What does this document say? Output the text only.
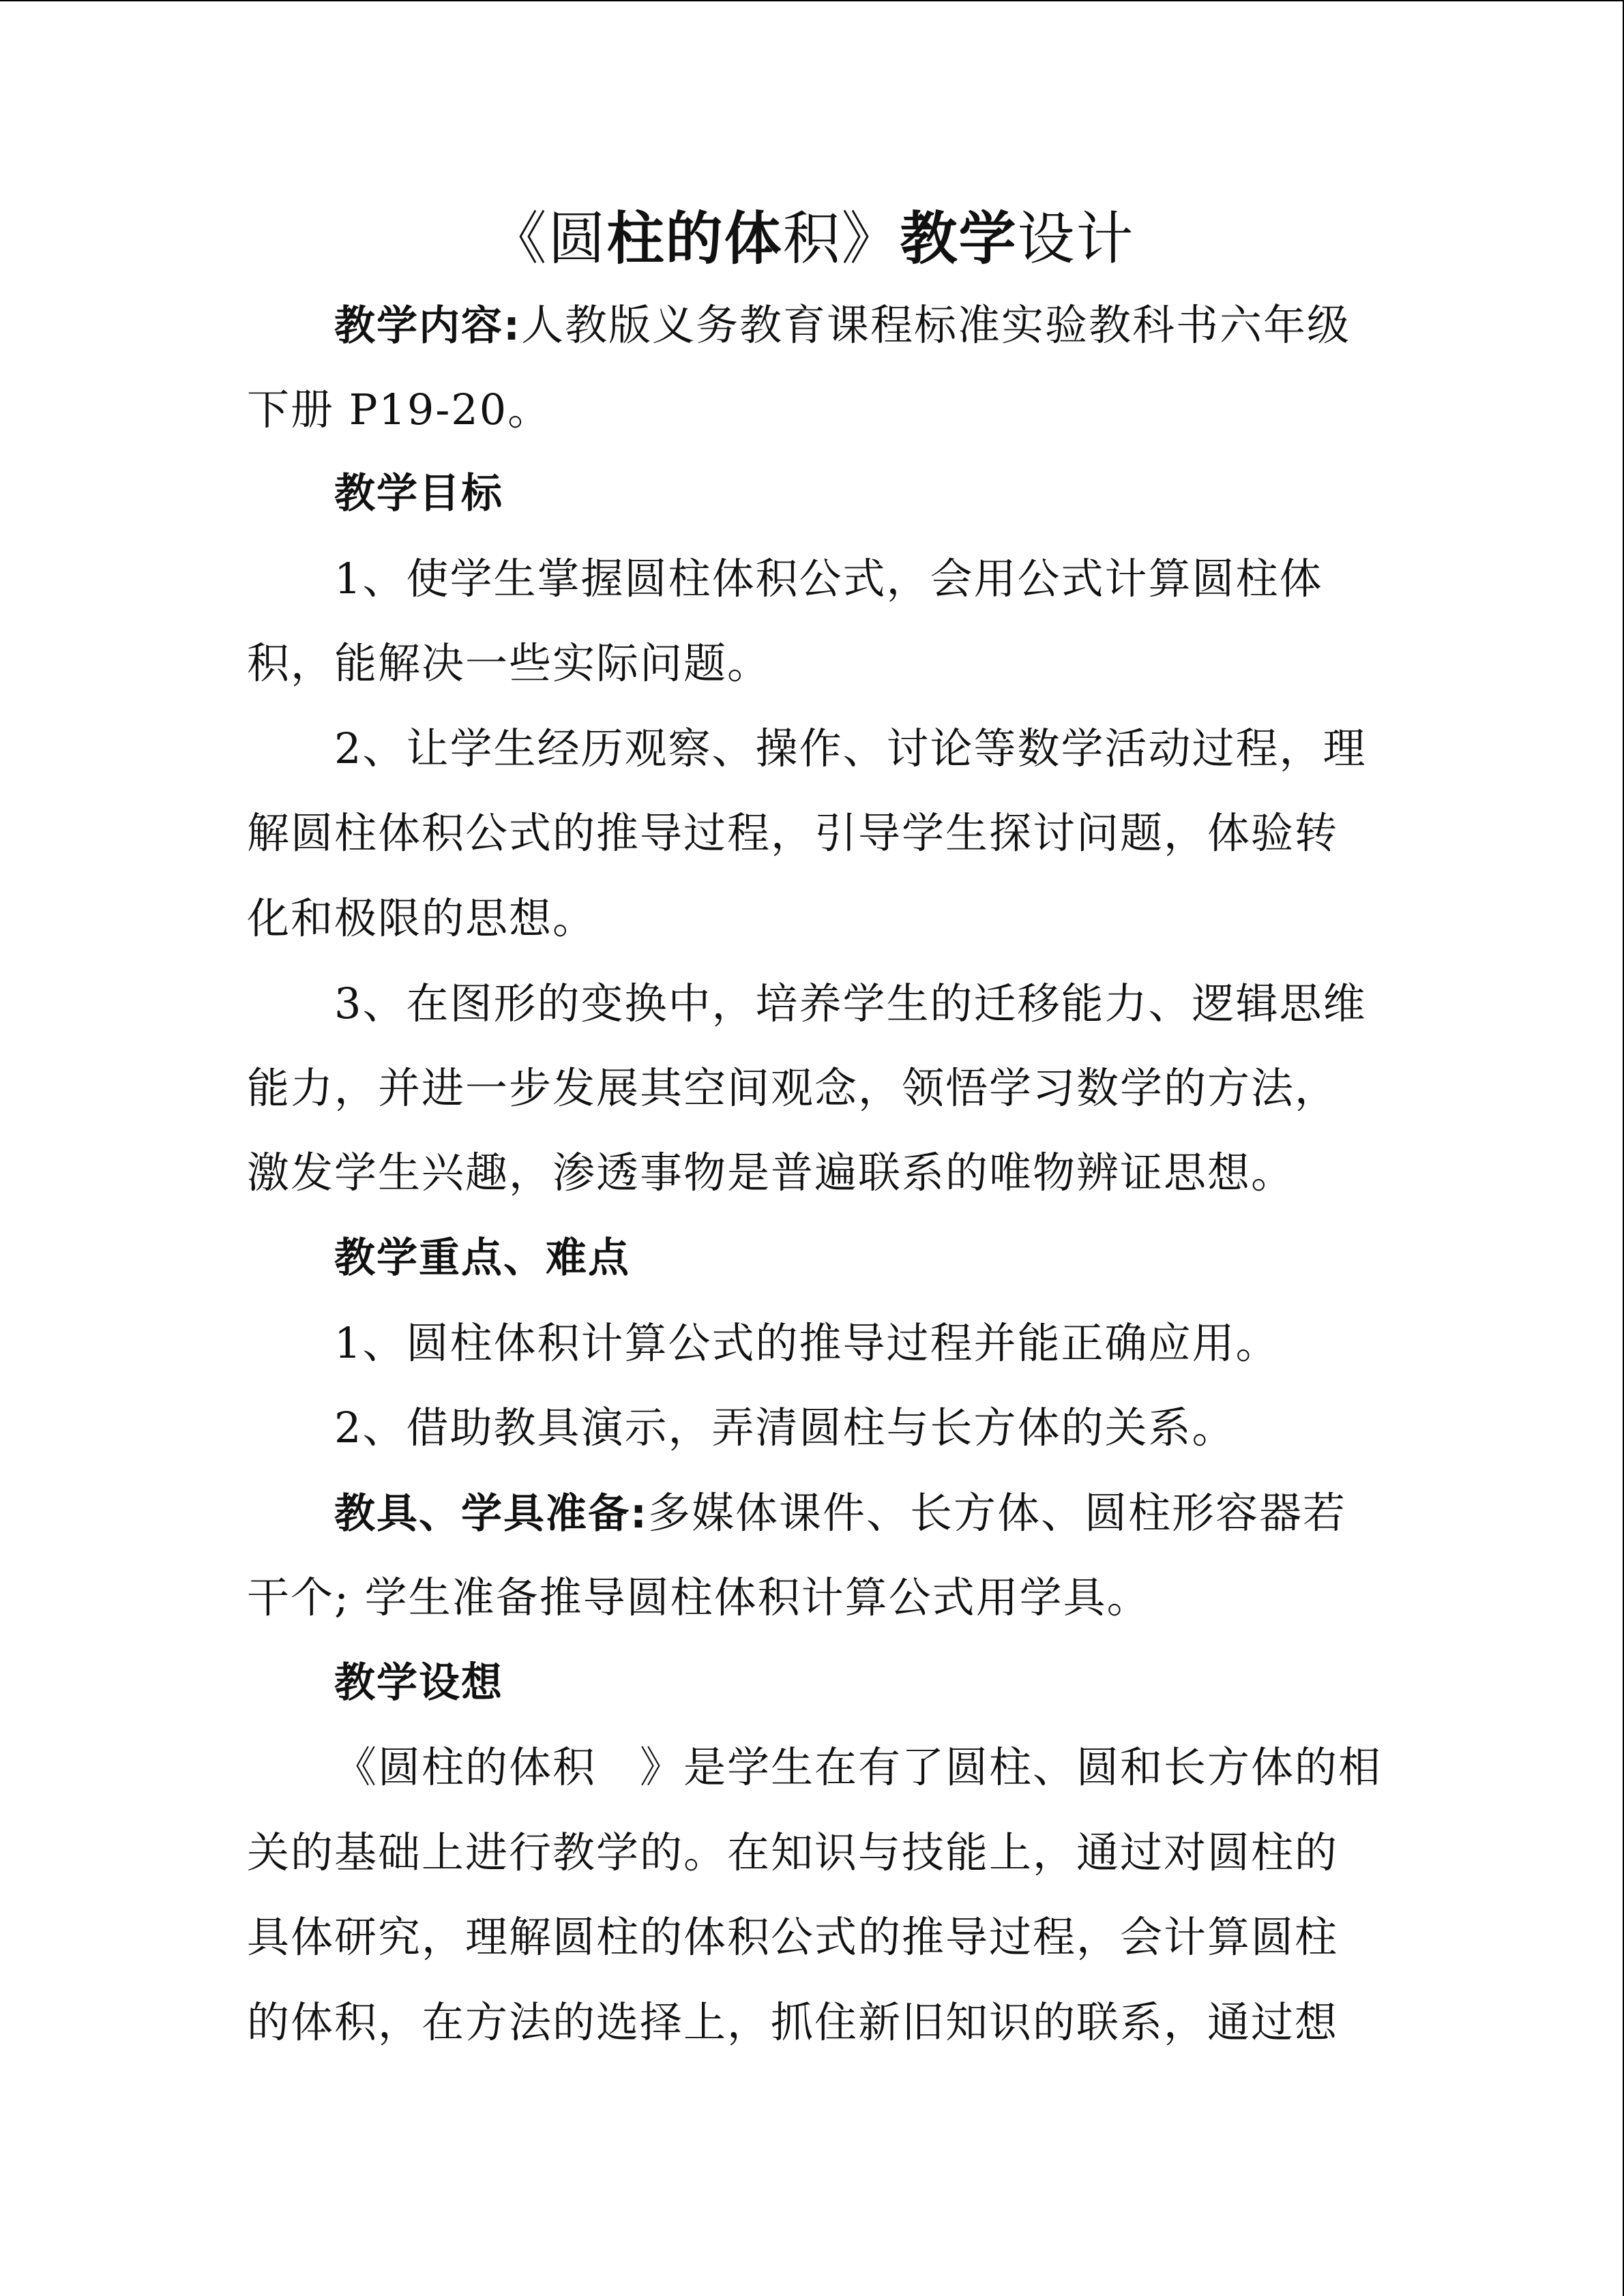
《圆柱的体积》教学设计
教学内容:人教版义务教育课程标准实验教科书六年级
下册 P19-20。
教学目标
1、使学生掌握圆柱体积公式，会用公式计算圆柱体
积，能解决一些实际问题。
2、让学生经历观察、操作、讨论等数学活动过程，理
解圆柱体积公式的推导过程，引导学生探讨问题，体验转
化和极限的思想。
3、在图形的变换中，培养学生的迁移能力、逻辑思维
能力，并进一步发展其空间观念，领悟学习数学的方法，
激发学生兴趣，渗透事物是普遍联系的唯物辨证思想。
教学重点、难点
1、圆柱体积计算公式的推导过程并能正确应用。
2、借助教具演示，弄清圆柱与长方体的关系。
教具、学具准备:多媒体课件、长方体、圆柱形容器若
干个; 学生准备推导圆柱体积计算公式用学具。
教学设想
《圆柱的体积　》是学生在有了圆柱、圆和长方体的相
关的基础上进行教学的。在知识与技能上，通过对圆柱的
具体研究，理解圆柱的体积公式的推导过程，会计算圆柱
的体积，在方法的选择上，抓住新旧知识的联系，通过想
